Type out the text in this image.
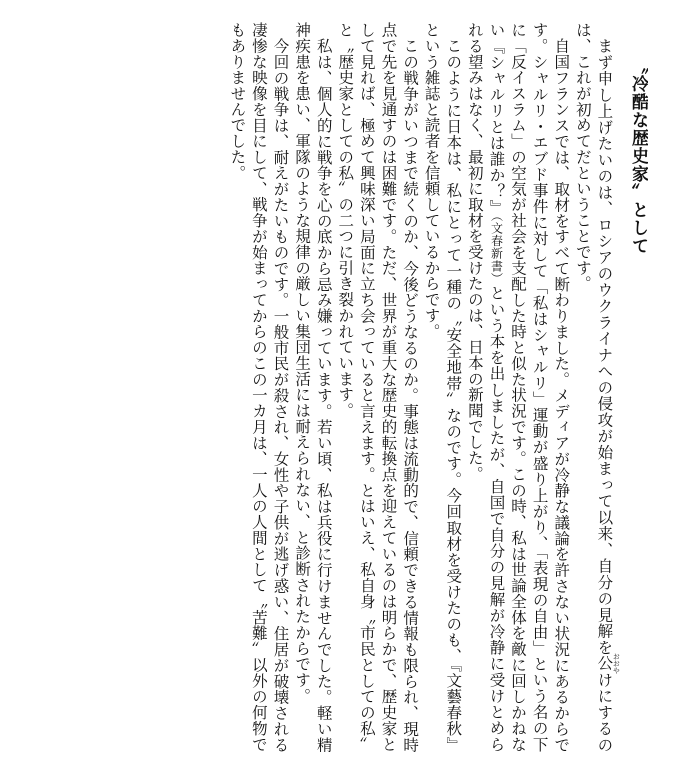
〝冷酷な歴史家〟として

まず申し上げたいのは、ロシアのウクライナへの侵攻が始まって以来、自分の見解を公 おおやけにするのは、これが初めてだということです。

自国フランスでは、取材をすべて断わりました。メディアが冷静な議論を許さない状況にあるからです。シャルリ・エブド事件に対して「私はシャルリ」運動が盛り上がり、「表現の自由」という名の下に「反イスラム」の空気が社会を支配した時と似た状況です。この時、私は世論全体を敵に回しかねない『シャルリとは誰か？』（文春新書）という本を出しましたが、自国で自分の見解が冷静に受けとめられる望みはなく、最初に取材を受けたのは、日本の新聞でした。

このように日本は、私にとって一種の〝安全地帯〟なのです。今回取材を受けたのも、『文藝春秋』という雑誌と読者を信頼しているからです。

この戦争がいつまで続くのか、今後どうなるのか。事態は流動的で、信頼できる情報も限られ、現時点で先を見通すのは困難です。ただ、世界が重大な歴史的転換点を迎えているのは明らかで、歴史家として見れば、極めて興味深い局面に立ち会っていると言えます。とはいえ、私自身〝市民としての私〟と〝歴史家としての私〟の二つに引き裂かれています。

私は、個人的に戦争を心の底から忌み嫌っています。若い頃、私は兵役に行けませんでした。軽い精神疾患を患い、軍隊のような規律の厳しい集団生活には耐えられない、と診断されたからです。

今回の戦争は、耐えがたいものです。一般市民が殺され、女性や子供が逃げ惑い、住居が破壊される凄惨な映像を目にして、戦争が始まってからのこの一カ月は、一人の人間として〝苦難〟以外の何物でもありませんでした。
